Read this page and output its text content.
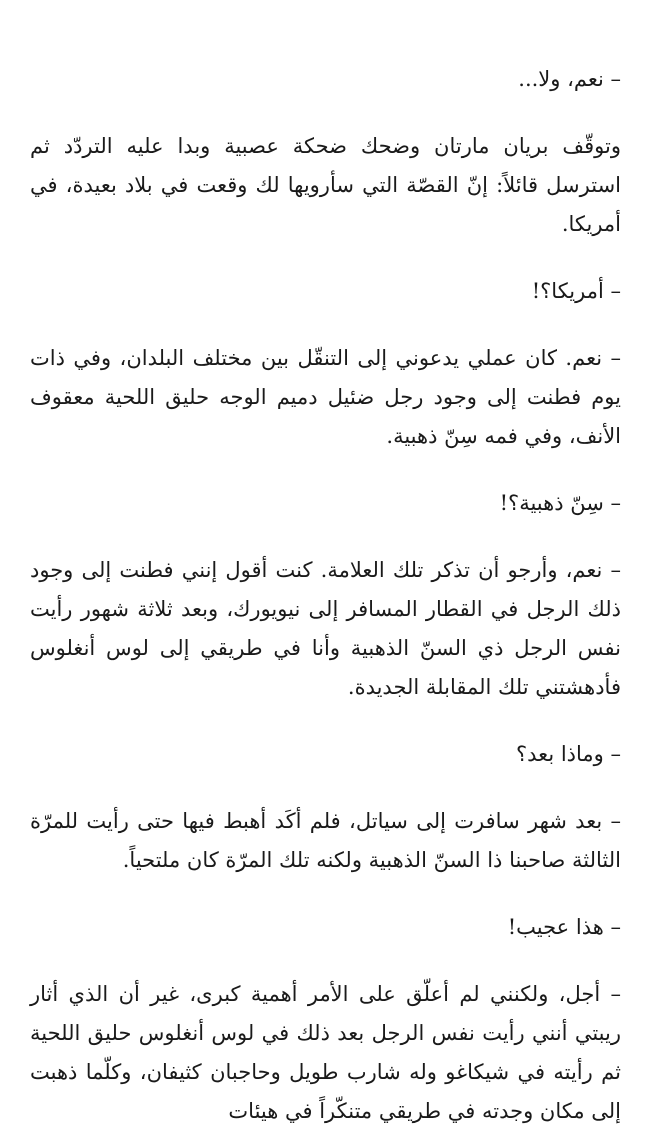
– نعم، ولا...

وتوقّف بريان مارتان وضحك ضحكة عصبية وبدا عليه التردّد ثم استرسل قائلاً: إنّ القصّة التي سأرويها لك وقعت في بلاد بعيدة، في أمريكا.

– أمريكا؟!

– نعم. كان عملي يدعوني إلى التنقّل بين مختلف البلدان، وفي ذات يوم فطنت إلى وجود رجل ضئيل دميم الوجه حليق اللحية معقوف الأنف، وفي فمه سِنّ ذهبية.

– سِنّ ذهبية؟!

– نعم، وأرجو أن تذكر تلك العلامة. كنت أقول إنني فطنت إلى وجود ذلك الرجل في القطار المسافر إلى نيويورك، وبعد ثلاثة شهور رأيت نفس الرجل ذي السنّ الذهبية وأنا في طريقي إلى لوس أنغلوس فأدهشتني تلك المقابلة الجديدة.

– وماذا بعد؟

– بعد شهر سافرت إلى سياتل، فلم أكَد أهبط فيها حتى رأيت للمرّة الثالثة صاحبنا ذا السنّ الذهبية ولكنه تلك المرّة كان ملتحياً.

– هذا عجيب!

– أجل، ولكنني لم أعلّق على الأمر أهمية كبرى، غير أن الذي أثار ريبتي أنني رأيت نفس الرجل بعد ذلك في لوس أنغلوس حليق اللحية ثم رأيته في شيكاغو وله شارب طويل وحاجبان كثيفان، وكلّما ذهبت إلى مكان وجدته في طريقي متنكّراً في هيئات
